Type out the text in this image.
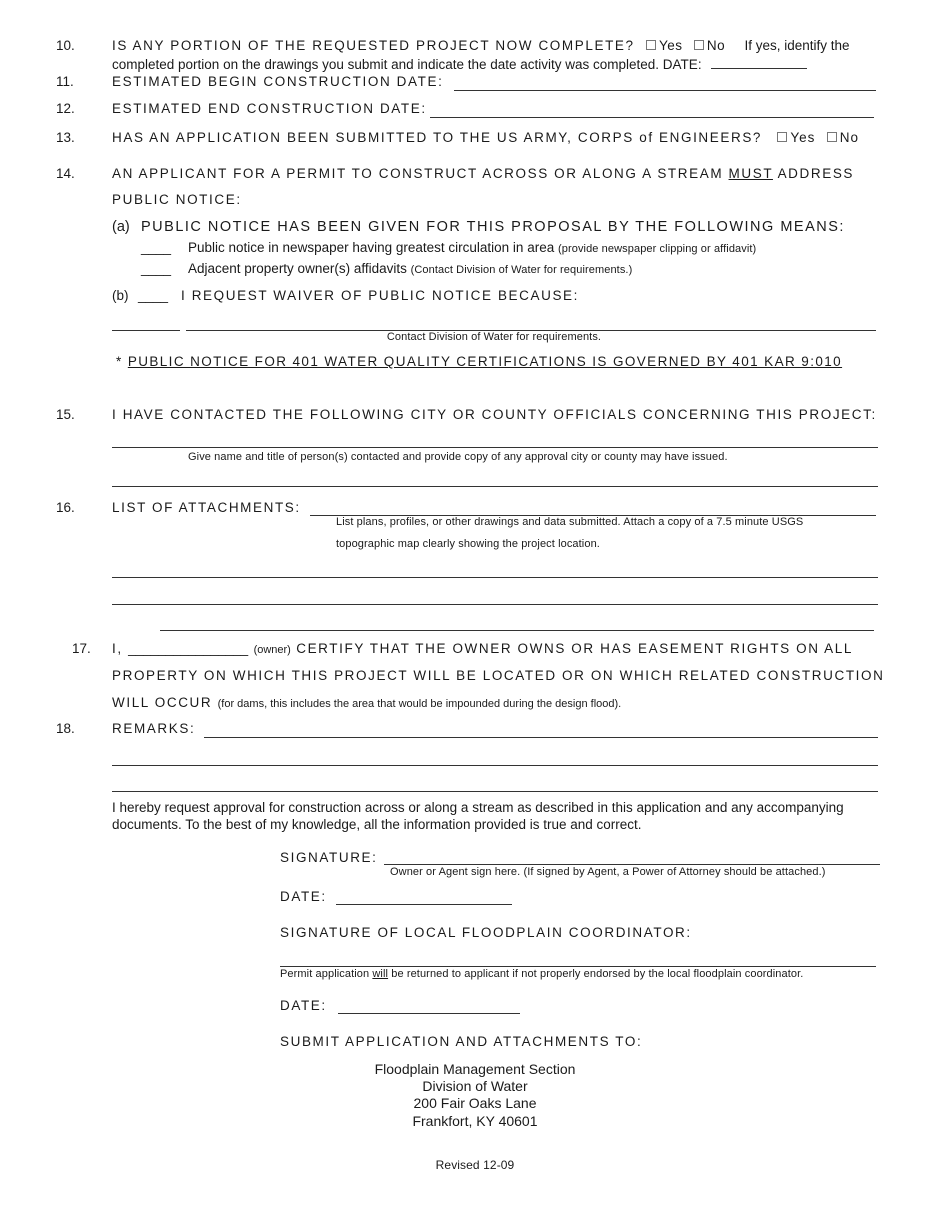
10.	IS ANY PORTION OF THE REQUESTED PROJECT NOW COMPLETE? Yes No If yes, identify the
completed portion on the drawings you submit and indicate the date activity was completed. DATE:
11.	ESTIMATED BEGIN CONSTRUCTION DATE:
12.	ESTIMATED END CONSTRUCTION DATE:
13.	HAS AN APPLICATION BEEN SUBMITTED TO THE US ARMY, CORPS of ENGINEERS? Yes No
14.	AN APPLICANT FOR A PERMIT TO CONSTRUCT ACROSS OR ALONG A STREAM MUST ADDRESS
PUBLIC NOTICE:
(a) PUBLIC NOTICE HAS BEEN GIVEN FOR THIS PROPOSAL BY THE FOLLOWING MEANS:
____ Public notice in newspaper having greatest circulation in area (provide newspaper clipping or affidavit)
____ Adjacent property owner(s) affidavits (Contact Division of Water for requirements.)
(b) ____ I REQUEST WAIVER OF PUBLIC NOTICE BECAUSE:
Contact Division of Water for requirements.
* PUBLIC NOTICE FOR 401 WATER QUALITY CERTIFICATIONS IS GOVERNED BY 401 KAR 9:010
15.	I HAVE CONTACTED THE FOLLOWING CITY OR COUNTY OFFICIALS CONCERNING THIS PROJECT:
Give name and title of person(s) contacted and provide copy of any approval city or county may have issued.
16.	LIST OF ATTACHMENTS:
List plans, profiles, or other drawings and data submitted. Attach a copy of a 7.5 minute USGS
topographic map clearly showing the project location.
17. I, ________________ (owner) CERTIFY THAT THE OWNER OWNS OR HAS EASEMENT RIGHTS ON ALL
PROPERTY ON WHICH THIS PROJECT WILL BE LOCATED OR ON WHICH RELATED CONSTRUCTION
WILL OCCUR (for dams, this includes the area that would be impounded during the design flood).
18.	REMARKS:
I hereby request approval for construction across or along a stream as described in this application and any accompanying
documents. To the best of my knowledge, all the information provided is true and correct.
SIGNATURE:
Owner or Agent sign here. (If signed by Agent, a Power of Attorney should be attached.)
DATE:
SIGNATURE OF LOCAL FLOODPLAIN COORDINATOR:
Permit application will be returned to applicant if not properly endorsed by the local floodplain coordinator.
DATE:
SUBMIT APPLICATION AND ATTACHMENTS TO:
Floodplain Management Section
Division of Water
200 Fair Oaks Lane
Frankfort, KY 40601
Revised 12-09
